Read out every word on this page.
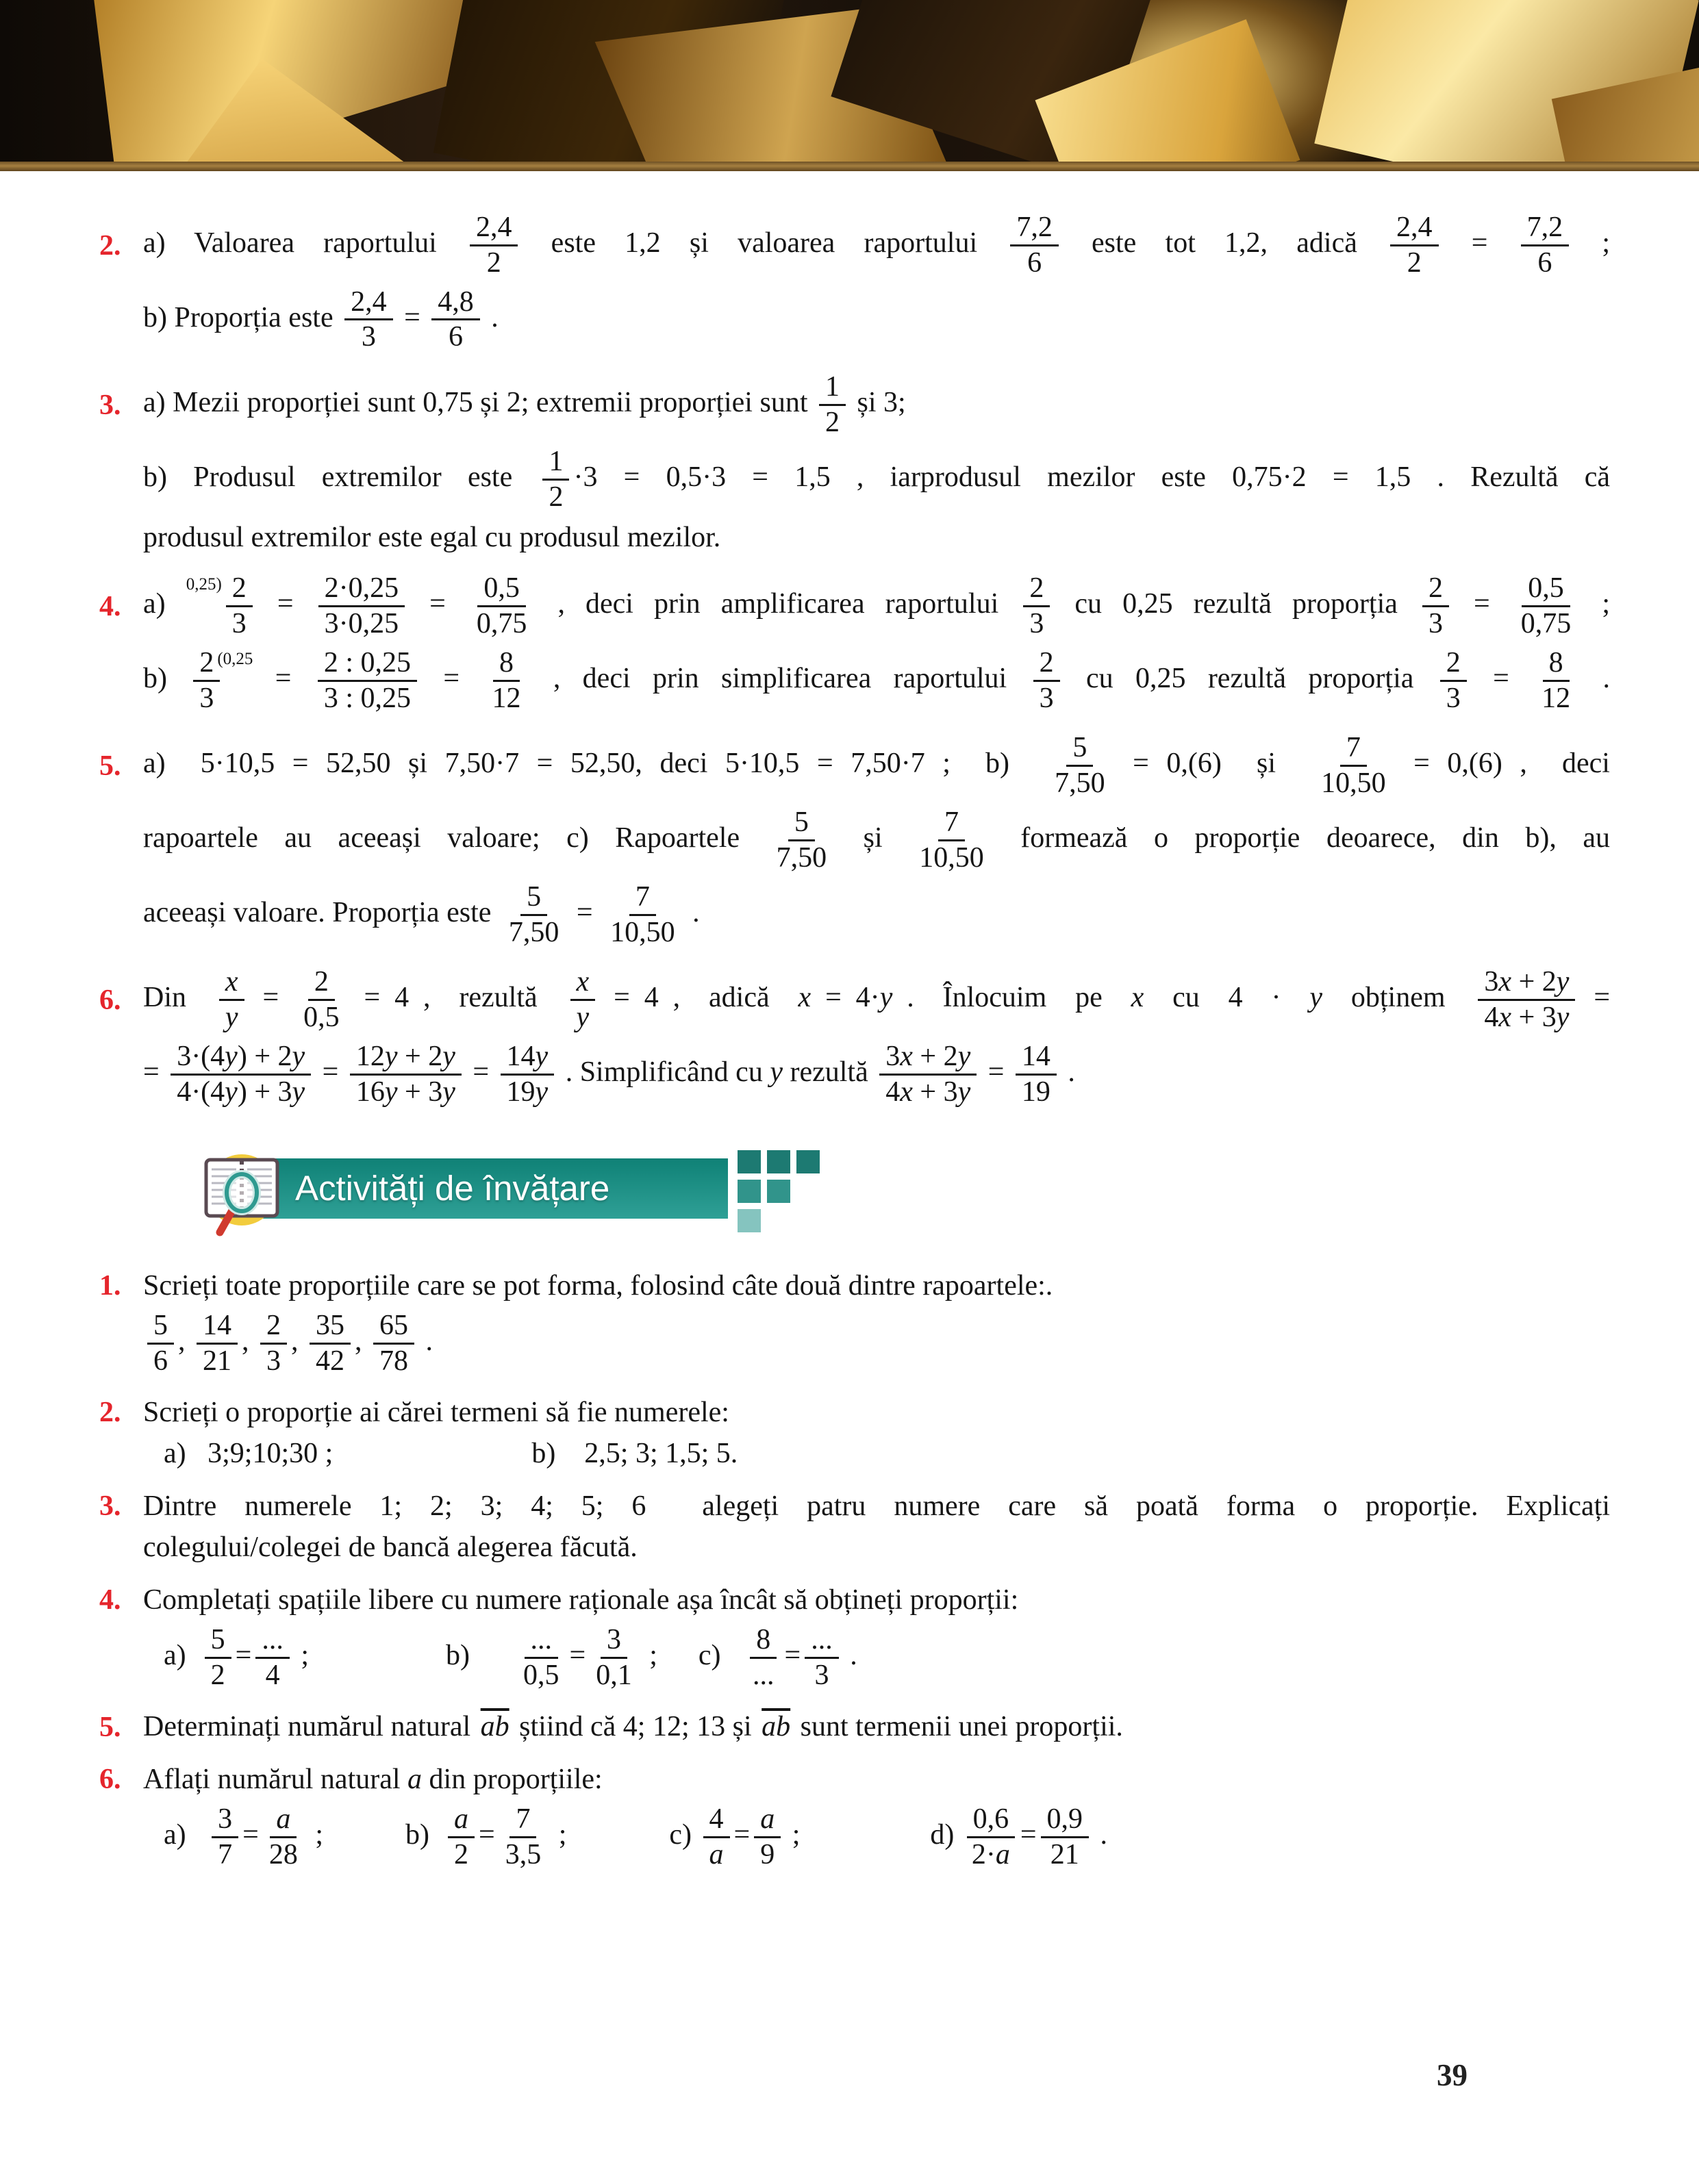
2. a) Valoarea raportului $\frac{2,4}{2}$ este 1,2 și valoarea raportului $\frac{7,2}{6}$ este tot 1,2, adică $\frac{2,4}{2} = \frac{7,2}{6}$ ;
b) Proporția este $\frac{2,4}{3} = \frac{4,8}{6}$ .
3. a) Mezii proporției sunt 0,75 și 2; extremii proporției sunt $\frac{1}{2}$ și 3;
b) Produsul extremilor este $\frac{1}{2} \cdot 3 = 0,5\cdot 3 = 1,5$ , iarprodusul mezilor este 0,75·2 = 1,5 . Rezultă că
produsul extremilor este egal cu produsul mezilor.
4. a) $^{0,25)} \frac{2}{3} = \frac{2\cdot 0,25}{3\cdot 0,25} = \frac{0,5}{0,75}$ , deci prin amplificarea raportului $\frac{2}{3}$ cu 0,25 rezultă proporția $\frac{2}{3} = \frac{0,5}{0,75}$ ;
$b) \frac{2}{3}$
$^{(0,25} = \frac{2 : 0,25}{3 : 0,25} = \frac{8}{12}$ , deci prin simplificarea raportului $\frac{2}{3}$ cu 0,25 rezultă proporția $\frac{2}{3} = \frac{8}{12}$ .
5. a)  5·10,5 = 52,50 și 7,50·7 = 52,50, deci 5·10,5 = 7,50·7 ;  $b) \frac{5}{7,50} = 0,(6)$  și $\frac{7}{10,50} = 0,(6)$ ,  deci
rapoartele au aceeași valoare; c) Rapoartele $\frac{5}{7,50}$ și $\frac{7}{10,50}$ formează o proporție deoarece, din b), au
aceeași valoare. Proporția este $\frac{5}{7,50} = \frac{7}{10,50}$ .
6. Din $\frac{x}{y} = \frac{2}{0,5} = 4$ ,  rezultă $\frac{x}{y} = 4$ ,  adică  x = 4·y .  Înlocuim  pe  x  cu  4  ·  y  obținem $\frac{3x + 2y}{4x + 3y}$ =
= $\frac{3\cdot(4y) + 2y}{4\cdot(4y) + 3y} = \frac{12y + 2y}{16y + 3y} = \frac{14y}{19y}$ . Simplificând cu y rezultă $\frac{3x + 2y}{4x + 3y} = \frac{14}{19}$ .
Activități de învățare
1. Scrieți toate proporțiile care se pot forma, folosind câte două dintre rapoartele:.
$\frac{5}{6}$ , $\frac{14}{21}$ , $\frac{2}{3}$ , $\frac{35}{42}$ , $\frac{65}{78}$ .
2. Scrieți o proporție ai cărei termeni să fie numerele:
a)   3;9;10;30 ;	b)    2,5; 3; 1,5; 5.
3. Dintre numerele 1; 2; 3; 4; 5; 6  alegeți patru numere care să poată forma o proporție. Explicați
colegului/colegei de bancă alegerea făcută.
4. Completați spațiile libere cu numere raționale așa încât să obțineți proporții:
$a) \frac{5}{2} = \frac{...}{4}$ ;	$b) \frac{...}{0,5} = \frac{3}{0,1}$ ; $c) \frac{8}{...} = \frac{...}{3}$ .
5. Determinați numărul natural $\overline{ab}$ știind că 4; 12; 13 și $\overline{ab}$ sunt termenii unei proporții.
6. Aflați numărul natural a din proporțiile:
$a) \frac{3}{7} = \frac{a}{28}$ ;	$b) \frac{a}{2} = \frac{7}{3,5}$ ;	$c) \frac{4}{a} = \frac{a}{9}$ ;	$d) \frac{0,6}{2\cdot a} = \frac{0,9}{21}$ .
39
